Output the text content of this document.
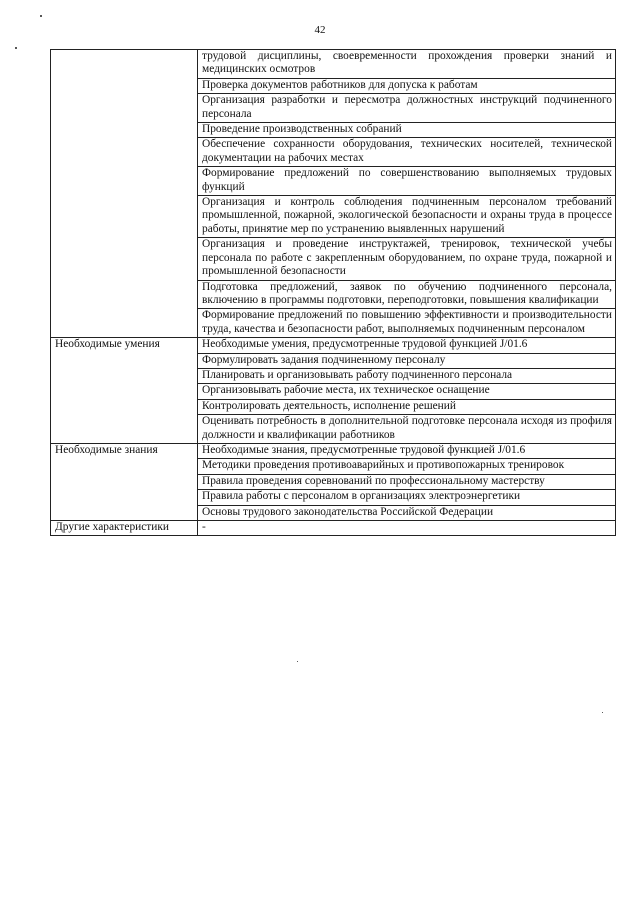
42
	трудовой дисциплины, своевременности прохождения проверки знаний и медицинских осмотров
	Проверка документов работников для допуска к работам
	Организация разработки и пересмотра должностных инструкций подчиненного персонала
	Проведение производственных собраний
	Обеспечение сохранности оборудования, технических носителей, технической документации на рабочих местах
	Формирование предложений по совершенствованию выполняемых трудовых функций
	Организация и контроль соблюдения подчиненным персоналом требований промышленной, пожарной, экологической безопасности и охраны труда в процессе работы, принятие мер по устранению выявленных нарушений
	Организация и проведение инструктажей, тренировок, технической учебы персонала по работе с закрепленным оборудованием, по охране труда, пожарной и промышленной безопасности
	Подготовка предложений, заявок по обучению подчиненного персонала, включению в программы подготовки, переподготовки, повышения квалификации
	Формирование предложений по повышению эффективности и производительности труда, качества и безопасности работ, выполняемых подчиненным персоналом
Необходимые умения	Необходимые умения, предусмотренные трудовой функцией J/01.6
	Формулировать задания подчиненному персоналу
	Планировать и организовывать работу подчиненного персонала
	Организовывать рабочие места, их техническое оснащение
	Контролировать деятельность, исполнение решений
	Оценивать потребность в дополнительной подготовке персонала исходя из профиля должности и квалификации работников
Необходимые знания	Необходимые знания, предусмотренные трудовой функцией J/01.6
	Методики проведения противоаварийных и противопожарных тренировок
	Правила проведения соревнований по профессиональному мастерству
	Правила работы с персоналом в организациях электроэнергетики
	Основы трудового законодательства Российской Федерации
Другие характеристики	-
